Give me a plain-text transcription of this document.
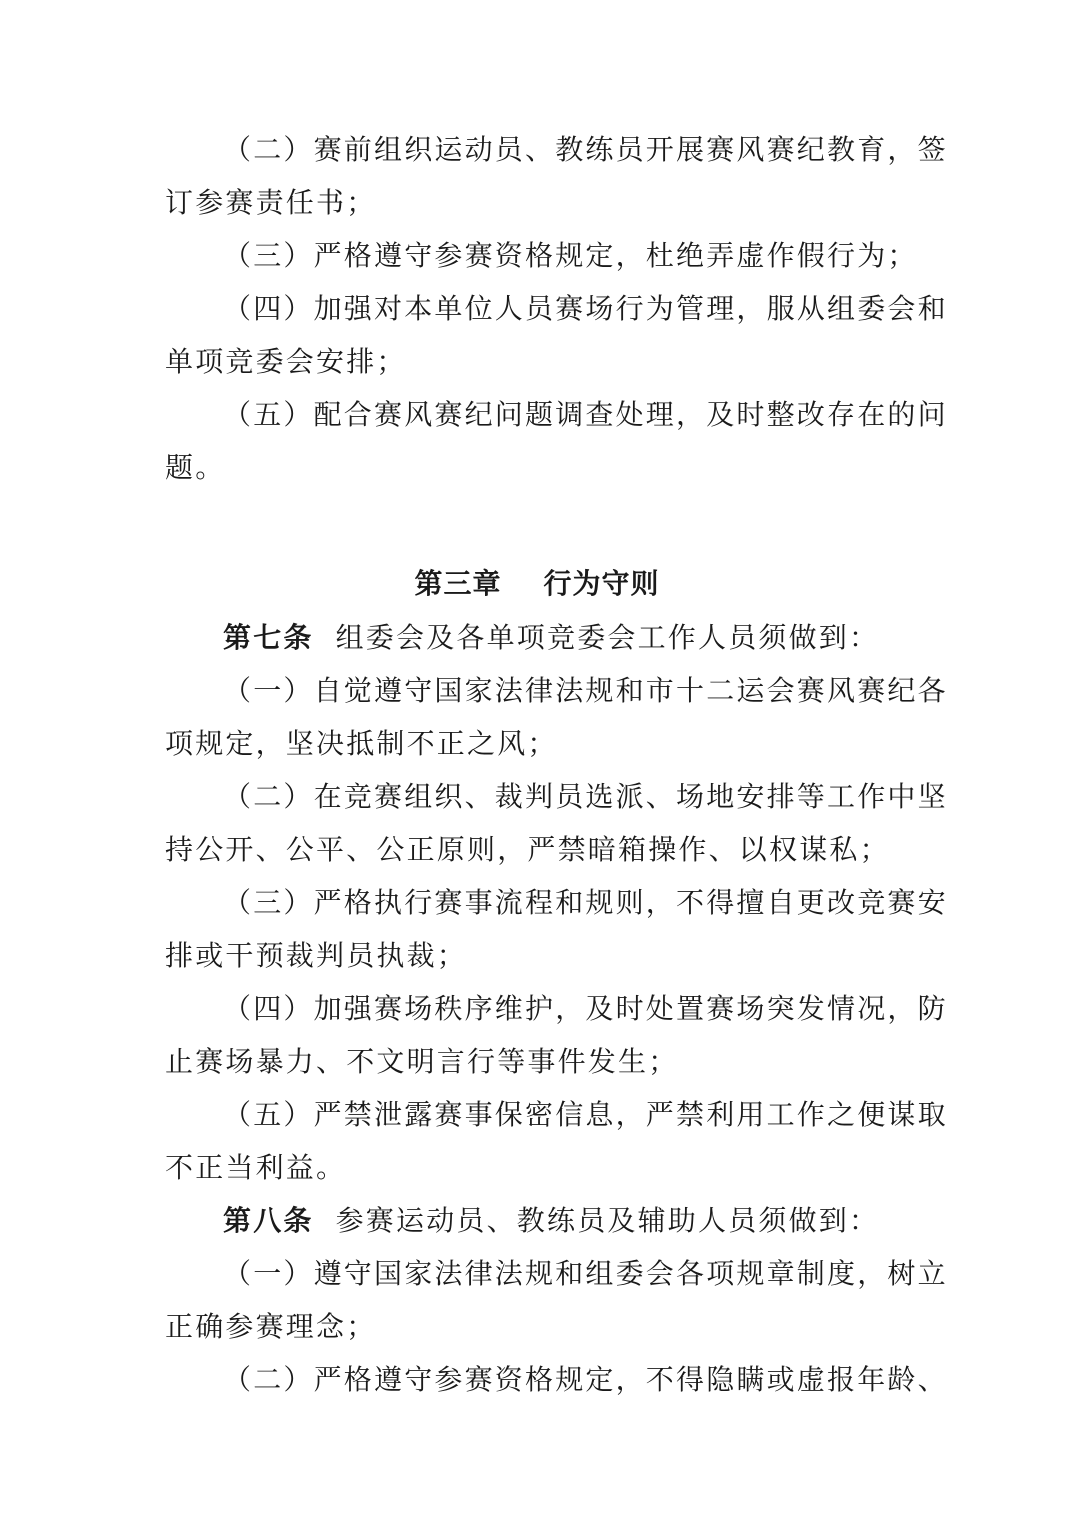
（二）赛前组织运动员、教练员开展赛风赛纪教育，签
订参赛责任书；
（三）严格遵守参赛资格规定，杜绝弄虚作假行为；
（四）加强对本单位人员赛场行为管理，服从组委会和
单项竞委会安排；
（五）配合赛风赛纪问题调查处理，及时整改存在的问
题。
第三章 行为守则
第七条 组委会及各单项竞委会工作人员须做到：
（一）自觉遵守国家法律法规和市十二运会赛风赛纪各
项规定，坚决抵制不正之风；
（二）在竞赛组织、裁判员选派、场地安排等工作中坚
持公开、公平、公正原则，严禁暗箱操作、以权谋私；
（三）严格执行赛事流程和规则，不得擅自更改竞赛安
排或干预裁判员执裁；
（四）加强赛场秩序维护，及时处置赛场突发情况，防
止赛场暴力、不文明言行等事件发生；
（五）严禁泄露赛事保密信息，严禁利用工作之便谋取
不正当利益。
第八条 参赛运动员、教练员及辅助人员须做到：
（一）遵守国家法律法规和组委会各项规章制度，树立
正确参赛理念；
（二）严格遵守参赛资格规定，不得隐瞒或虚报年龄、
